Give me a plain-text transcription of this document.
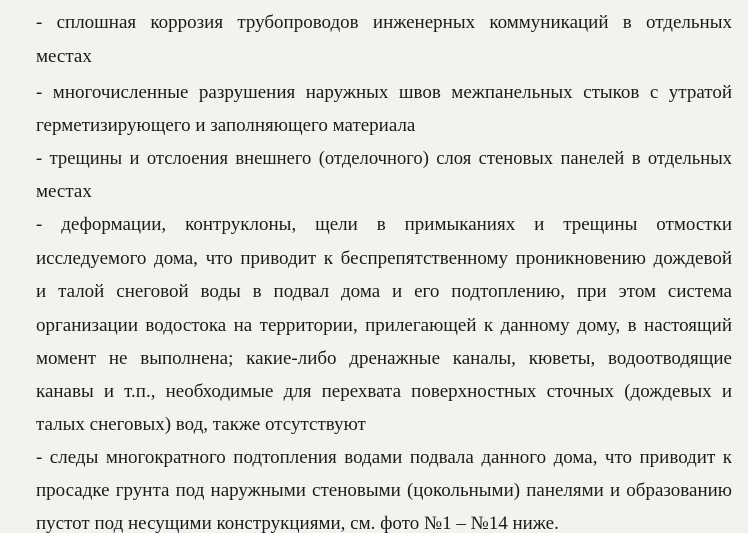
- сплошная коррозия трубопроводов инженерных коммуникаций в отдельных
местах
- многочисленные разрушения наружных швов межпанельных стыков с утратой
герметизирующего и заполняющего материала
- трещины и отслоения внешнего (отделочного) слоя стеновых панелей в отдельных
местах
- деформации, контруклоны, щели в примыканиях и трещины отмостки
исследуемого дома, что приводит к беспрепятственному проникновению дождевой
и талой снеговой воды в подвал дома и его подтоплению, при этом система
организации водостока на территории, прилегающей к данному дому, в настоящий
момент не выполнена; какие-либо дренажные каналы, кюветы, водоотводящие
канавы и т.п., необходимые для перехвата поверхностных сточных (дождевых и
талых снеговых) вод, также отсутствуют
- следы многократного подтопления водами подвала данного дома, что приводит к
просадке грунта под наружными стеновыми (цокольными) панелями и образованию
пустот под несущими конструкциями, см. фото №1 – №14 ниже.
